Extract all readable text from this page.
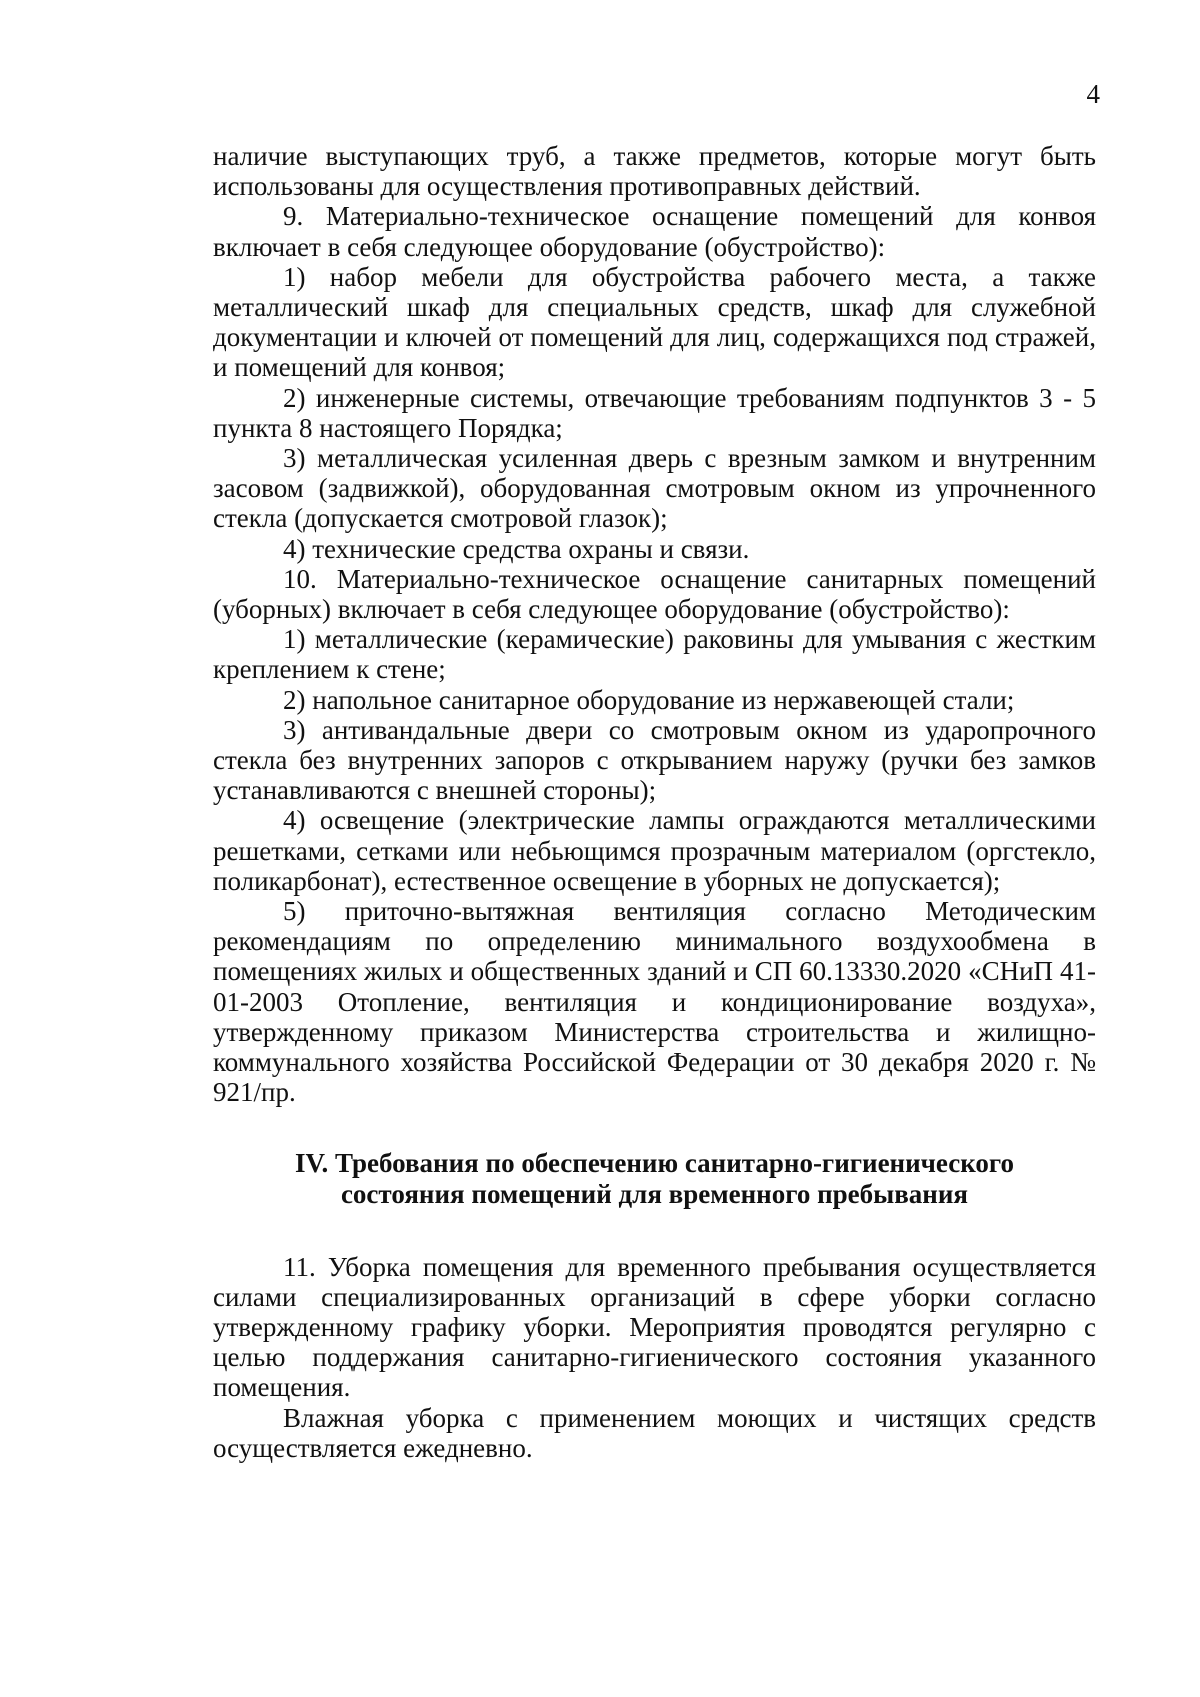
4

наличие выступающих труб, а также предметов, которые могут быть использованы для осуществления противоправных действий.

9. Материально-техническое оснащение помещений для конвоя включает в себя следующее оборудование (обустройство):

1) набор мебели для обустройства рабочего места, а также металлический шкаф для специальных средств, шкаф для служебной документации и ключей от помещений для лиц, содержащихся под стражей, и помещений для конвоя;

2) инженерные системы, отвечающие требованиям подпунктов 3 - 5 пункта 8 настоящего Порядка;

3) металлическая усиленная дверь с врезным замком и внутренним засовом (задвижкой), оборудованная смотровым окном из упрочненного стекла (допускается смотровой глазок);

4) технические средства охраны и связи.

10. Материально-техническое оснащение санитарных помещений (уборных) включает в себя следующее оборудование (обустройство):

1) металлические (керамические) раковины для умывания с жестким креплением к стене;

2) напольное санитарное оборудование из нержавеющей стали;

3) антивандальные двери со смотровым окном из ударопрочного стекла без внутренних запоров с открыванием наружу (ручки без замков устанавливаются с внешней стороны);

4) освещение (электрические лампы ограждаются металлическими решетками, сетками или небьющимся прозрачным материалом (оргстекло, поликарбонат), естественное освещение в уборных не допускается);

5) приточно-вытяжная вентиляция согласно Методическим рекомендациям по определению минимального воздухообмена в помещениях жилых и общественных зданий и СП 60.13330.2020 «СНиП 41-01-2003 Отопление, вентиляция и кондиционирование воздуха», утвержденному приказом Министерства строительства и жилищно-коммунального хозяйства Российской Федерации от 30 декабря 2020 г. № 921/пр.

IV. Требования по обеспечению санитарно-гигиенического
состояния помещений для временного пребывания

11. Уборка помещения для временного пребывания осуществляется силами специализированных организаций в сфере уборки согласно утвержденному графику уборки. Мероприятия проводятся регулярно с целью поддержания санитарно-гигиенического состояния указанного помещения.

Влажная уборка с применением моющих и чистящих средств осуществляется ежедневно.
